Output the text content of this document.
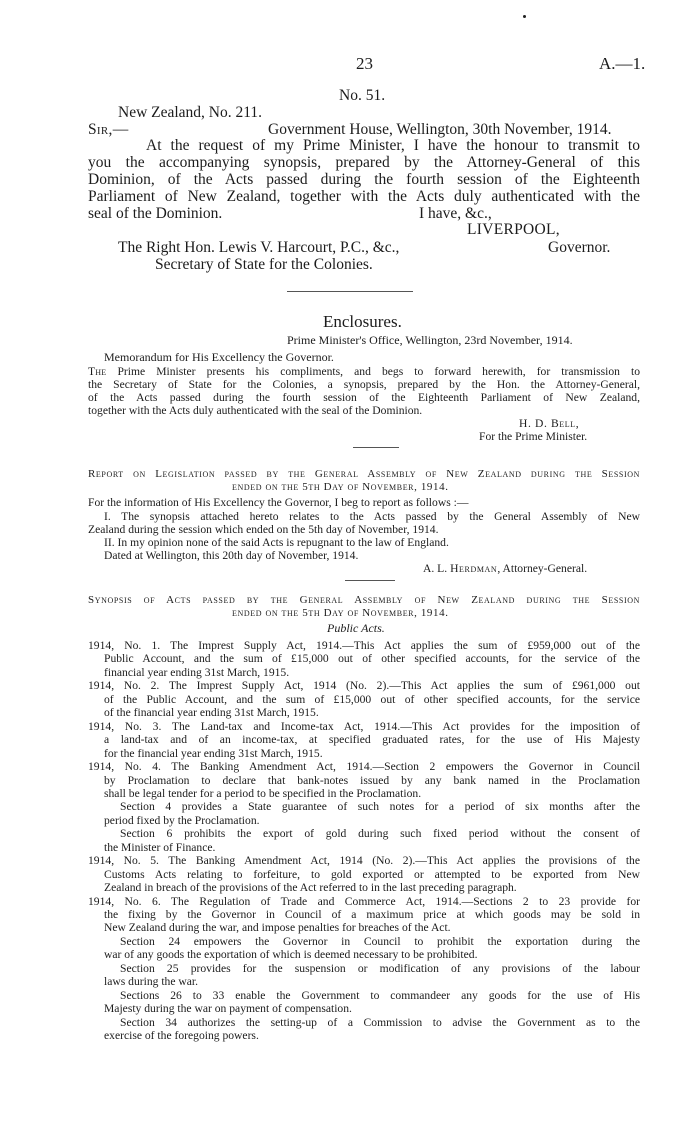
23	A.—1.
No. 51.
New Zealand, No. 211.
Sir,—	Government House, Wellington, 30th November, 1914.
At the request of my Prime Minister, I have the honour to transmit to
you the accompanying synopsis, prepared by the Attorney-General of this
Dominion, of the Acts passed during the fourth session of the Eighteenth
Parliament of New Zealand, together with the Acts duly authenticated with the
seal of the Dominion.	I have, &c.,
LIVERPOOL,
The Right Hon. Lewis V. Harcourt, P.C., &c.,	Governor.
Secretary of State for the Colonies.
Enclosures.
Prime Minister's Office, Wellington, 23rd November, 1914.
Memorandum for His Excellency the Governor.
The Prime Minister presents his compliments, and begs to forward herewith, for transmission to
the Secretary of State for the Colonies, a synopsis, prepared by the Hon. the Attorney-General,
of the Acts passed during the fourth session of the Eighteenth Parliament of New Zealand,
together with the Acts duly authenticated with the seal of the Dominion.
H. D. Bell,
For the Prime Minister.
Report on Legislation passed by the General Assembly of New Zealand during the Session
ended on the 5th Day of November, 1914.
For the information of His Excellency the Governor, I beg to report as follows :—
I. The synopsis attached hereto relates to the Acts passed by the General Assembly of New
Zealand during the session which ended on the 5th day of November, 1914.
II. In my opinion none of the said Acts is repugnant to the law of England.
Dated at Wellington, this 20th day of November, 1914.
A. L. Herdman, Attorney-General.
Synopsis of Acts passed by the General Assembly of New Zealand during the Session
ended on the 5th Day of November, 1914.
Public Acts.
1914, No. 1. The Imprest Supply Act, 1914.—This Act applies the sum of £959,000 out of the
Public Account, and the sum of £15,000 out of other specified accounts, for the service of the
financial year ending 31st March, 1915.
1914, No. 2. The Imprest Supply Act, 1914 (No. 2).—This Act applies the sum of £961,000 out
of the Public Account, and the sum of £15,000 out of other specified accounts, for the service
of the financial year ending 31st March, 1915.
1914, No. 3. The Land-tax and Income-tax Act, 1914.—This Act provides for the imposition of
a land-tax and of an income-tax, at specified graduated rates, for the use of His Majesty
for the financial year ending 31st March, 1915.
1914, No. 4. The Banking Amendment Act, 1914.—Section 2 empowers the Governor in Council
by Proclamation to declare that bank-notes issued by any bank named in the Proclamation
shall be legal tender for a period to be specified in the Proclamation.
Section 4 provides a State guarantee of such notes for a period of six months after the
period fixed by the Proclamation.
Section 6 prohibits the export of gold during such fixed period without the consent of
the Minister of Finance.
1914, No. 5. The Banking Amendment Act, 1914 (No. 2).—This Act applies the provisions of the
Customs Acts relating to forfeiture, to gold exported or attempted to be exported from New
Zealand in breach of the provisions of the Act referred to in the last preceding paragraph.
1914, No. 6. The Regulation of Trade and Commerce Act, 1914.—Sections 2 to 23 provide for
the fixing by the Governor in Council of a maximum price at which goods may be sold in
New Zealand during the war, and impose penalties for breaches of the Act.
Section 24 empowers the Governor in Council to prohibit the exportation during the
war of any goods the exportation of which is deemed necessary to be prohibited.
Section 25 provides for the suspension or modification of any provisions of the labour
laws during the war.
Sections 26 to 33 enable the Government to commandeer any goods for the use of His
Majesty during the war on payment of compensation.
Section 34 authorizes the setting-up of a Commission to advise the Government as to the
exercise of the foregoing powers.
